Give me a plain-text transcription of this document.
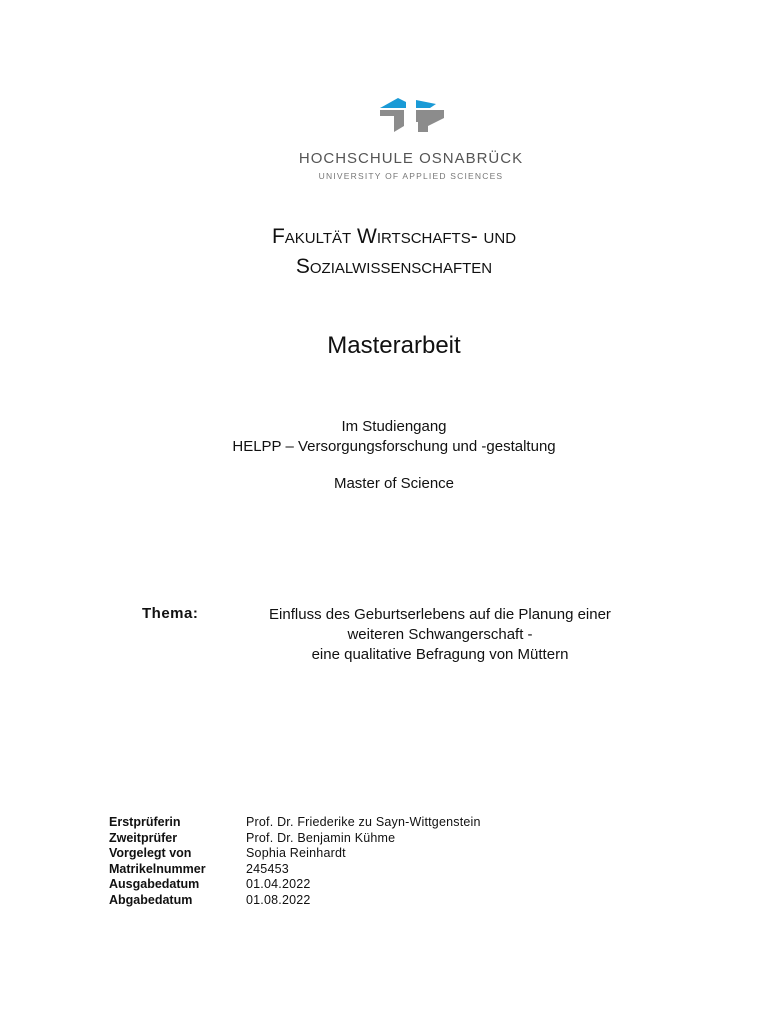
HOCHSCHULE OSNABRÜCK
UNIVERSITY OF APPLIED SCIENCES
Fakultät Wirtschafts- und
Sozialwissenschaften
Masterarbeit
Im Studiengang
HELPP – Versorgungsforschung und -gestaltung
Master of Science
Thema:	Einfluss des Geburtserlebens auf die Planung einer
weiteren Schwangerschaft -
eine qualitative Befragung von Müttern
Erstprüferin	Prof. Dr. Friederike zu Sayn-Wittgenstein
Zweitprüfer	Prof. Dr. Benjamin Kühme
Vorgelegt von	Sophia Reinhardt
Matrikelnummer	245453
Ausgabedatum	01.04.2022
Abgabedatum	01.08.2022
